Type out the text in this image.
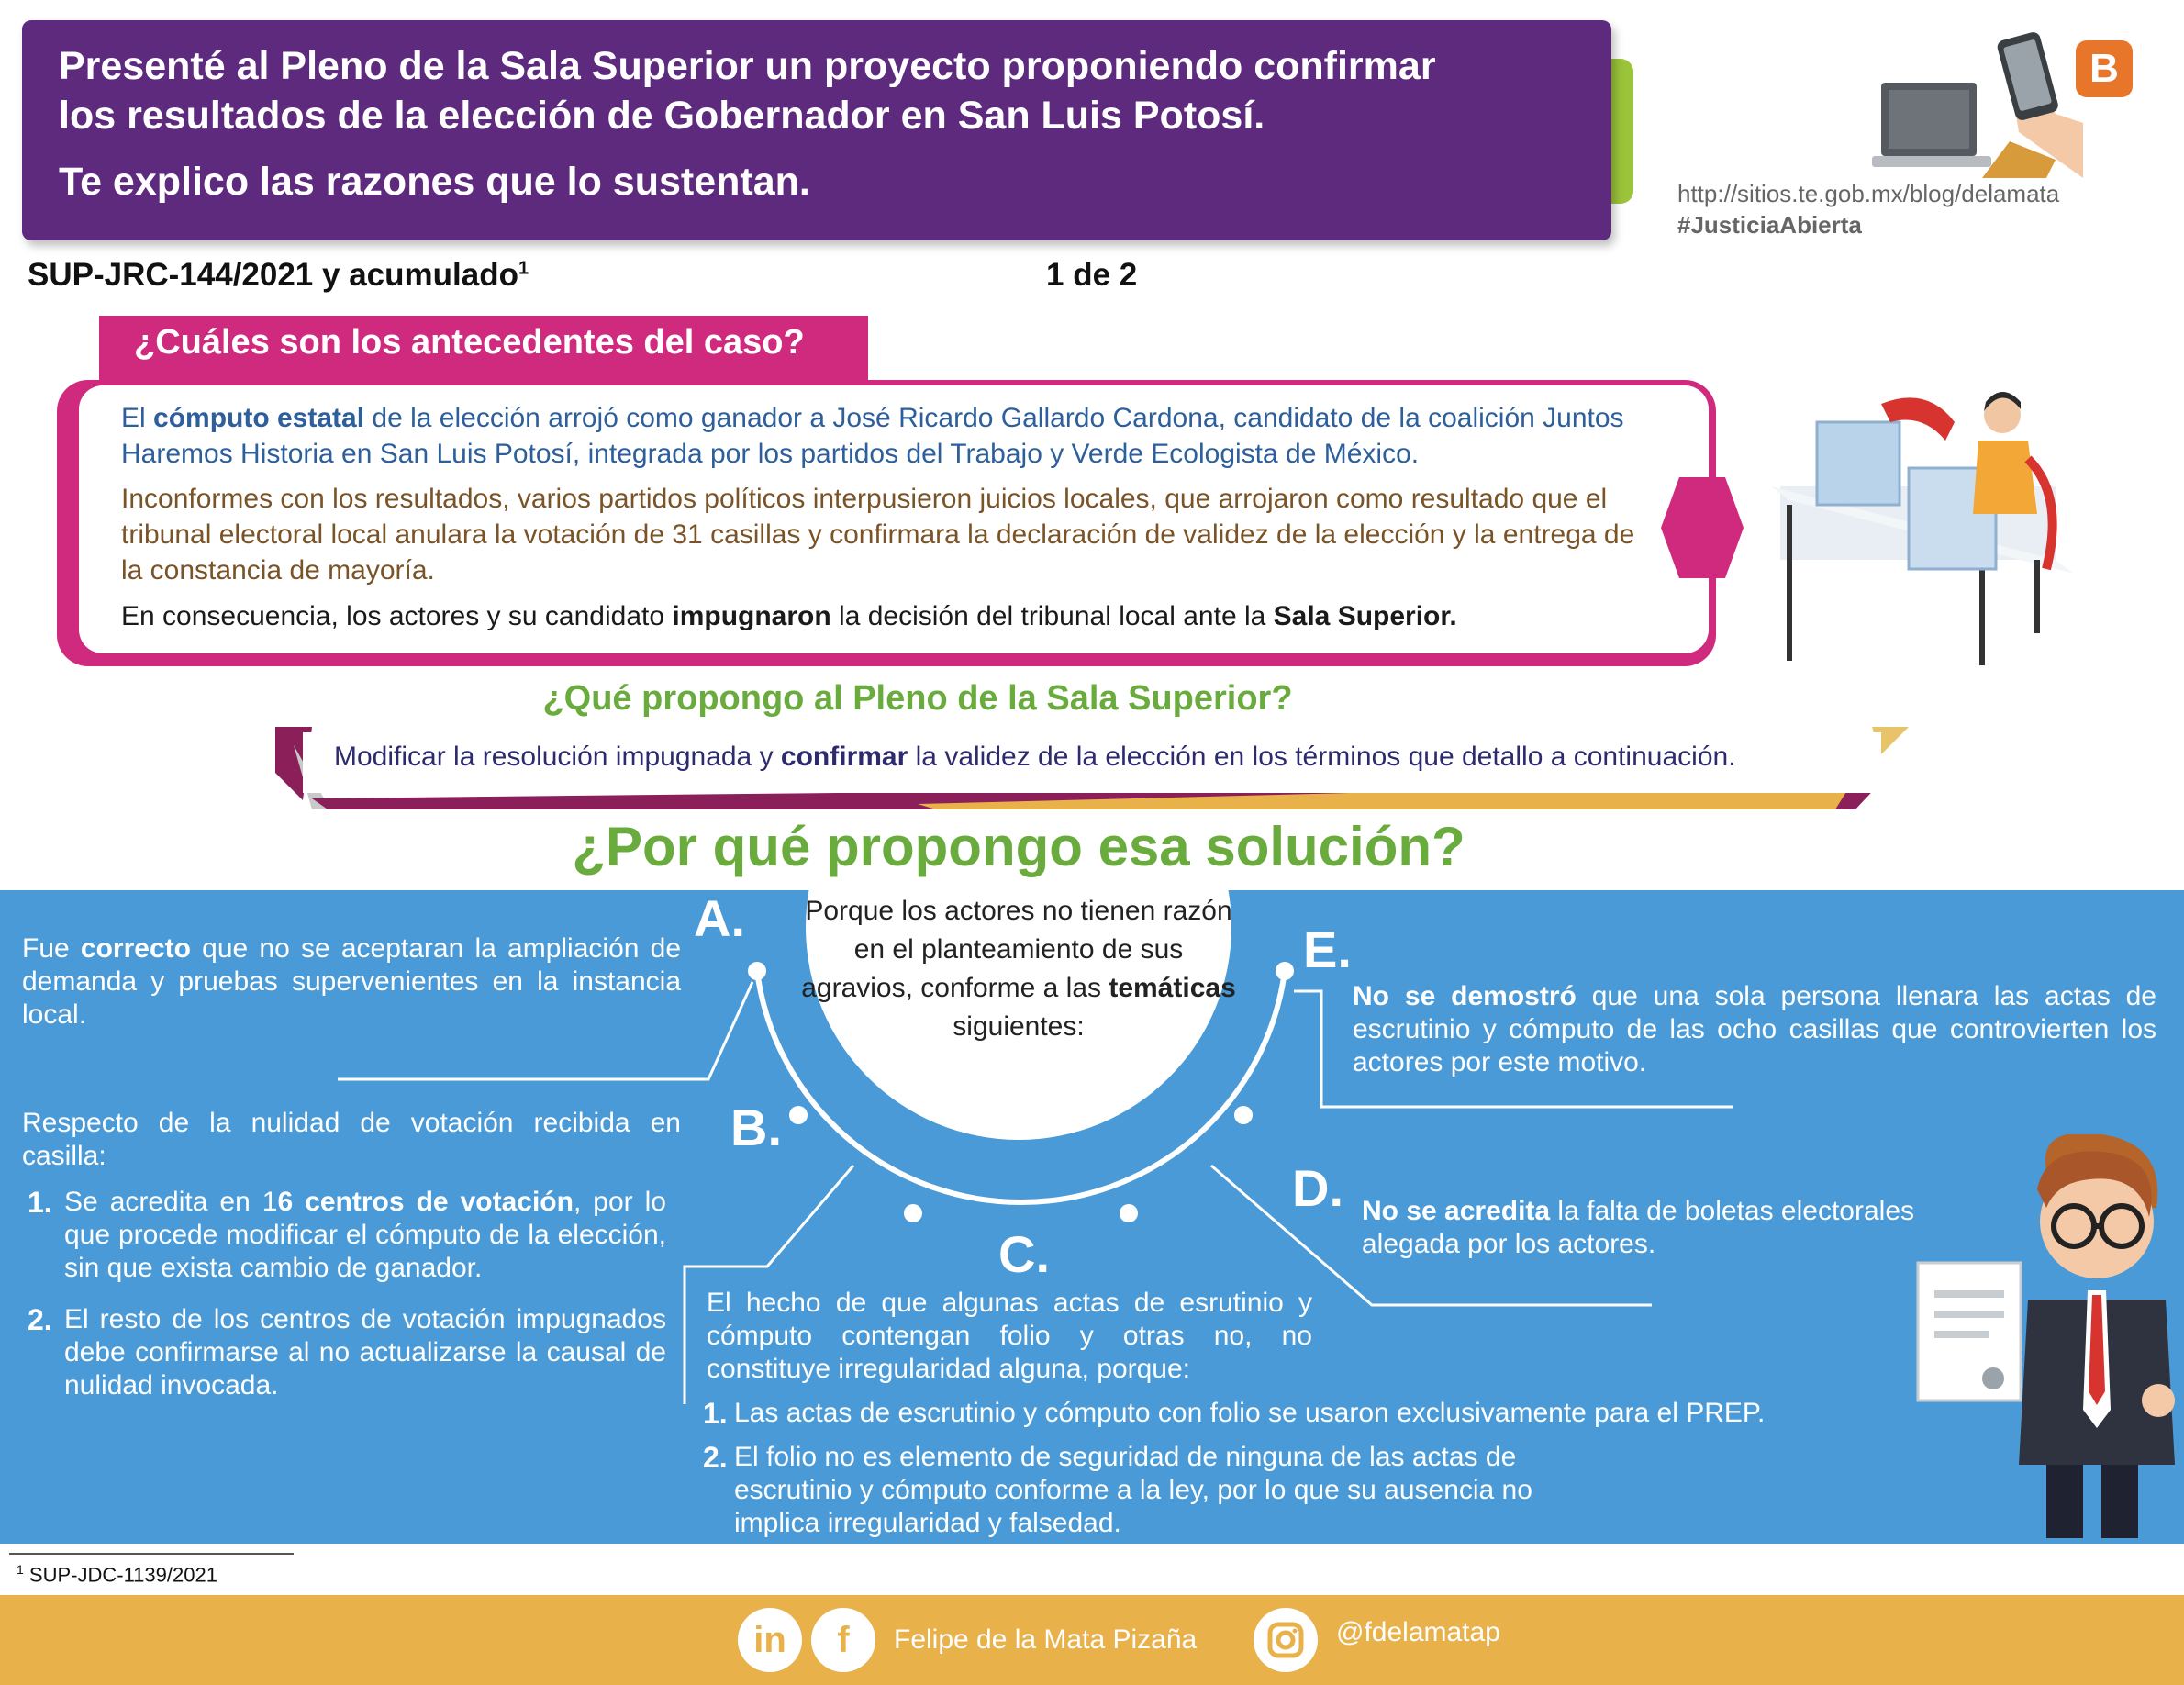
Presenté al Pleno de la Sala Superior un proyecto proponiendo confirmar
los resultados de la elección de Gobernador en San Luis Potosí.
Te explico las razones que lo sustentan.
B
http://sitios.te.gob.mx/blog/delamata
#JusticiaAbierta
SUP-JRC-144/2021 y acumulado$^1$	1 de 2
¿Cuáles son los antecedentes del caso?
El cómputo estatal de la elección arrojó como ganador a José Ricardo Gallardo Cardona, candidato de la coalición Juntos Haremos Historia en San Luis Potosí, integrada por los partidos del Trabajo y Verde Ecologista de México.
Inconformes con los resultados, varios partidos políticos interpusieron juicios locales, que arrojaron como resultado que el tribunal electoral local anulara la votación de 31 casillas y confirmara la declaración de validez de la elección y la entrega de la constancia de mayoría.
En consecuencia, los actores y su candidato impugnaron la decisión del tribunal local ante la Sala Superior.
¿Qué propongo al Pleno de la Sala Superior?
Modificar la resolución impugnada y confirmar la validez de la elección en los términos que detallo a continuación.
¿Por qué propongo esa solución?
Porque los actores no tienen razón en el planteamiento de sus agravios, conforme a las temáticas siguientes:
A.
Fue correcto que no se aceptaran la ampliación de demanda y pruebas supervenientes en la instancia local.
B.
Respecto de la nulidad de votación recibida en casilla:
1. Se acredita en 16 centros de votación, por lo que procede modificar el cómputo de la elección, sin que exista cambio de ganador.
2. El resto de los centros de votación impugnados debe confirmarse al no actualizarse la causal de nulidad invocada.
C.
El hecho de que algunas actas de esrutinio y cómputo contengan folio y otras no, no constituye irregularidad alguna, porque:
1. Las actas de escrutinio y cómputo con folio se usaron exclusivamente para el PREP.
2. El folio no es elemento de seguridad de ninguna de las actas de escrutinio y cómputo conforme a la ley, por lo que su ausencia no implica irregularidad y falsedad.
D. No se acredita la falta de boletas electorales alegada por los actores.
E.
No se demostró que una sola persona llenara las actas de escrutinio y cómputo de las ocho casillas que controvierten los actores por este motivo.
$^1$ SUP-JDC-1139/2021
in	f	Felipe de la Mata Pizaña	@fdelamatap
